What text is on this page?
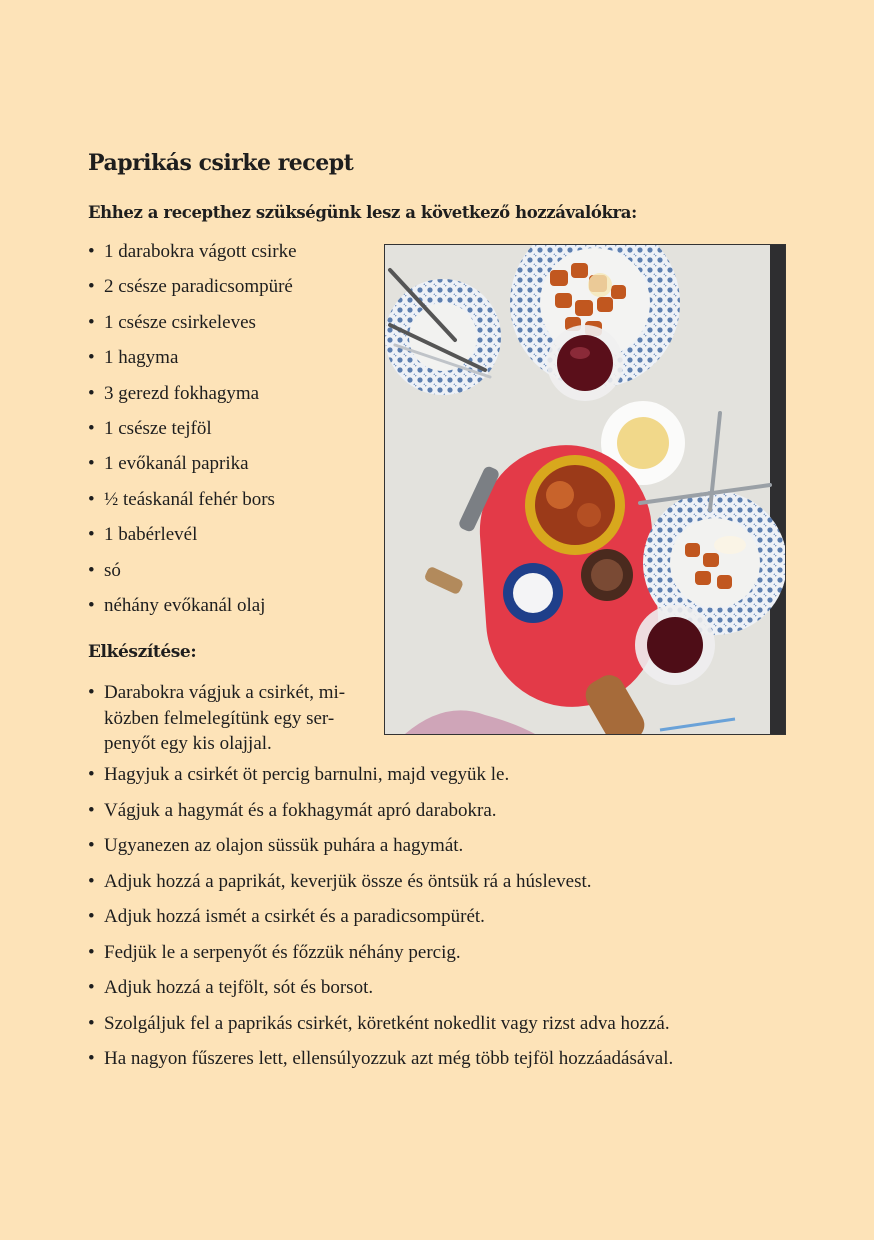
Paprikás csirke recept
Ehhez a recepthez szükségünk lesz a következő hozzávalókra:
• 1 darabokra vágott csirke
• 2 csésze paradicsompüré
• 1 csésze csirkeleves
• 1 hagyma
• 3 gerezd fokhagyma
• 1 csésze tejföl
• 1 evőkanál paprika
• ½ teáskanál fehér bors
• 1 babérlevél
• só
• néhány evőkanál olaj
Elkészítése:
• Darabokra vágjuk a csirkét, mi-közben felmelegítünk egy ser-penyőt egy kis olajjal.
• Hagyjuk a csirkét öt percig barnulni, majd vegyük le.
• Vágjuk a hagymát és a fokhagymát apró darabokra.
• Ugyanezen az olajon süssük puhára a hagymát.
• Adjuk hozzá a paprikát, keverjük össze és öntsük rá a húslevest.
• Adjuk hozzá ismét a csirkét és a paradicsompürét.
• Fedjük le a serpenyőt és főzzük néhány percig.
• Adjuk hozzá a tejfölt, sót és borsot.
• Szolgáljuk fel a paprikás csirkét, köretként nokedlit vagy rizst adva hozzá.
• Ha nagyon fűszeres lett, ellensúlyozzuk azt még több tejföl hozzáadásával.
